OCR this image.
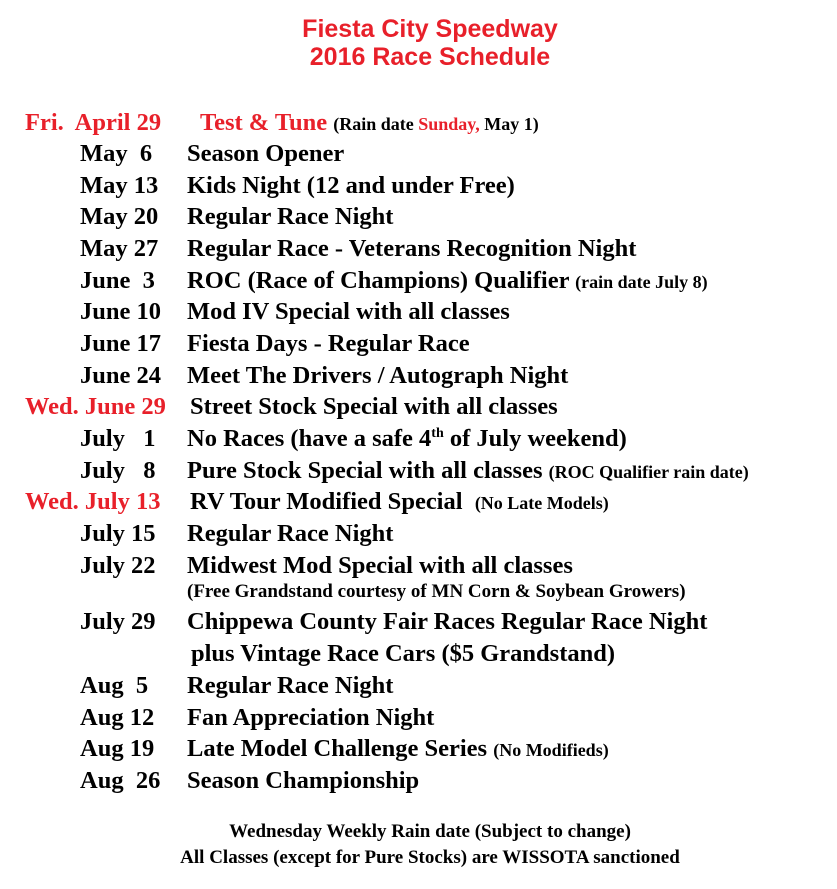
Fiesta City Speedway
2016 Race Schedule
Fri.  April 29 Test & Tune (Rain date Sunday, May 1)
May  6 Season Opener
May 13 Kids Night (12 and under Free)
May 20 Regular Race Night
May 27 Regular Race - Veterans Recognition Night
June  3 ROC (Race of Champions) Qualifier (rain date July 8)
June 10 Mod IV Special with all classes
June 17 Fiesta Days - Regular Race
June 24 Meet The Drivers / Autograph Night
Wed. June 29 Street Stock Special with all classes
July   1 No Races (have a safe 4th of July weekend)
July   8 Pure Stock Special with all classes (ROC Qualifier rain date)
Wed. July 13 RV Tour Modified Special (No Late Models)
July 15 Regular Race Night
July 22 Midwest Mod Special with all classes
(Free Grandstand courtesy of MN Corn & Soybean Growers)
July 29 Chippewa County Fair Races Regular Race Night
plus Vintage Race Cars ($5 Grandstand)
Aug  5 Regular Race Night
Aug 12 Fan Appreciation Night
Aug 19 Late Model Challenge Series (No Modifieds)
Aug  26 Season Championship
Wednesday Weekly Rain date (Subject to change)
All Classes (except for Pure Stocks) are WISSOTA sanctioned
